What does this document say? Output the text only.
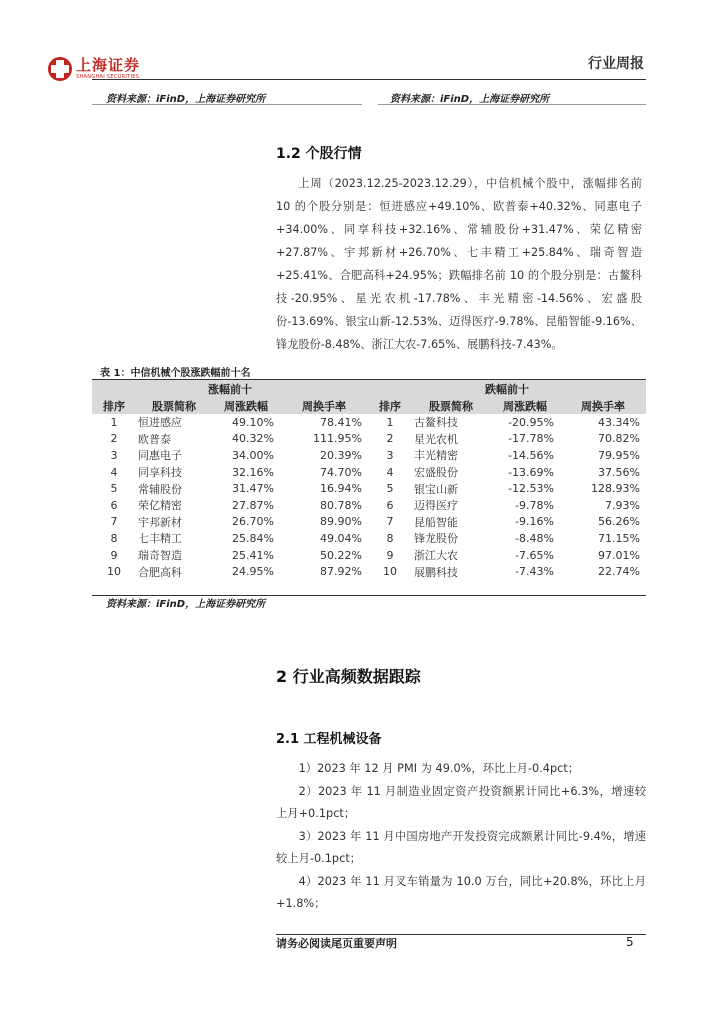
上海证券
SHANGHAI SECURITIES
行业周报
资料来源：iFinD，上海证券研究所	资料来源：iFinD，上海证券研究所
1.2 个股行情
上周（2023.12.25-2023.12.29），中信机械个股中，涨幅排名前 10 的个股分别是：恒进感应+49.10%、欧普泰+40.32%、同惠电子+34.00%、同享科技+32.16%、常辅股份+31.47%、荣亿精密+27.87%、宇邦新材+26.70%、七丰精工+25.84%、瑞奇智造+25.41%、合肥高科+24.95%；跌幅排名前 10 的个股分别是：古鳌科技-20.95%、星光农机-17.78%、丰光精密-14.56%、宏盛股份-13.69%、银宝山新-12.53%、迈得医疗-9.78%、昆船智能-9.16%、锋龙股份-8.48%、浙江大农-7.65%、展鹏科技-7.43%。
表 1：中信机械个股涨跌幅前十名
涨幅前十				跌幅前十			
排序	股票简称	周涨跌幅	周换手率	排序	股票简称	周涨跌幅	周换手率
1	恒进感应	49.10%	78.41%	1	古鳌科技	-20.95%	43.34%
2	欧普泰	40.32%	111.95%	2	星光农机	-17.78%	70.82%
3	同惠电子	34.00%	20.39%	3	丰光精密	-14.56%	79.95%
4	同享科技	32.16%	74.70%	4	宏盛股份	-13.69%	37.56%
5	常辅股份	31.47%	16.94%	5	银宝山新	-12.53%	128.93%
6	荣亿精密	27.87%	80.78%	6	迈得医疗	-9.78%	7.93%
7	宇邦新材	26.70%	89.90%	7	昆船智能	-9.16%	56.26%
8	七丰精工	25.84%	49.04%	8	锋龙股份	-8.48%	71.15%
9	瑞奇智造	25.41%	50.22%	9	浙江大农	-7.65%	97.01%
10	合肥高科	24.95%	87.92%	10	展鹏科技	-7.43%	22.74%
资料来源：iFinD，上海证券研究所
2 行业高频数据跟踪
2.1 工程机械设备
1）2023 年 12 月 PMI 为 49.0%，环比上月-0.4pct；
2）2023 年 11 月制造业固定资产投资额累计同比+6.3%，增速较上月+0.1pct；
3）2023 年 11 月中国房地产开发投资完成额累计同比-9.4%，增速较上月-0.1pct；
4）2023 年 11 月叉车销量为 10.0 万台，同比+20.8%，环比上月+1.8%；
请务必阅读尾页重要声明	5
